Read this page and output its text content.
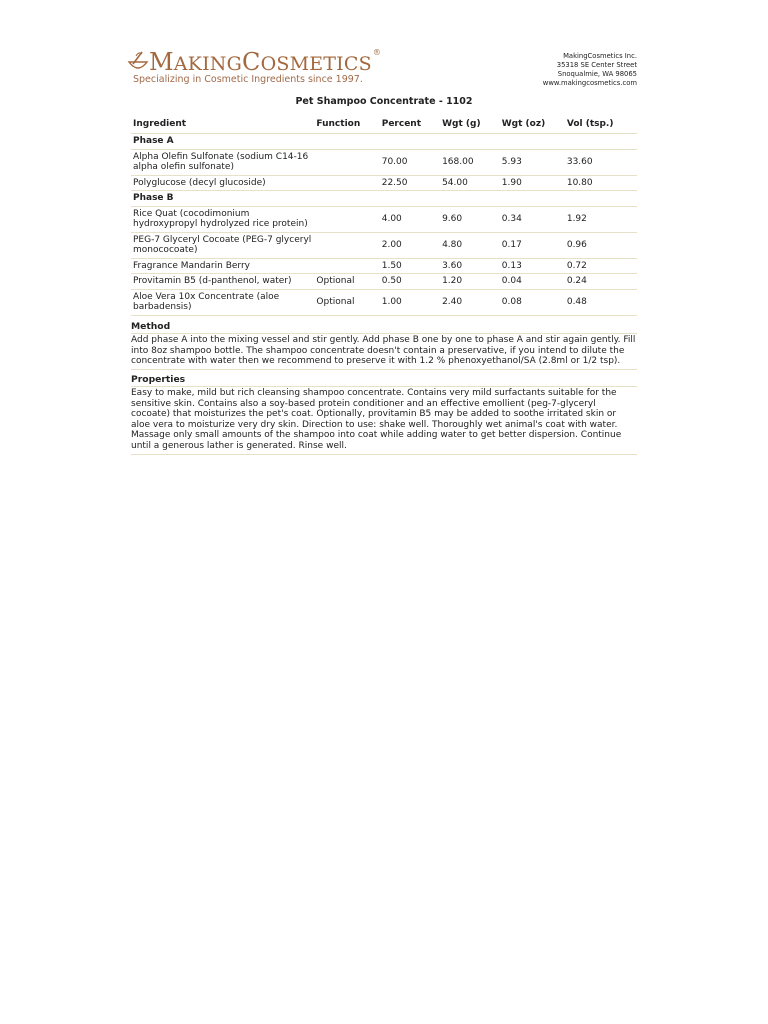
MAKINGCOSMETICS®
Specializing in Cosmetic Ingredients since 1997.
MakingCosmetics Inc.
35318 SE Center Street
Snoqualmie, WA 98065
www.makingcosmetics.com
Pet Shampoo Concentrate - 1102
Ingredient	Function	Percent	Wgt (g)	Wgt (oz)	Vol (tsp.)
Phase A					
Alpha Olefin Sulfonate (sodium C14-16 alpha olefin sulfonate)		70.00	168.00	5.93	33.60
Polyglucose (decyl glucoside)		22.50	54.00	1.90	10.80
Phase B					
Rice Quat (cocodimonium hydroxypropyl hydrolyzed rice protein)		4.00	9.60	0.34	1.92
PEG-7 Glyceryl Cocoate (PEG-7 glyceryl monococoate)		2.00	4.80	0.17	0.96
Fragrance Mandarin Berry		1.50	3.60	0.13	0.72
Provitamin B5 (d-panthenol, water)	Optional	0.50	1.20	0.04	0.24
Aloe Vera 10x Concentrate (aloe barbadensis)	Optional	1.00	2.40	0.08	0.48
Method

Add phase A into the mixing vessel and stir gently. Add phase B one by one to phase A and stir again gently. Fill into 8oz shampoo bottle. The shampoo concentrate doesn't contain a preservative, if you intend to dilute the concentrate with water then we recommend to preserve it with 1.2 % phenoxyethanol/SA (2.8ml or 1/2 tsp).

Properties

Easy to make, mild but rich cleansing shampoo concentrate. Contains very mild surfactants suitable for the sensitive skin. Contains also a soy-based protein conditioner and an effective emollient (peg-7-glyceryl cocoate) that moisturizes the pet's coat. Optionally, provitamin B5 may be added to soothe irritated skin or aloe vera to moisturize very dry skin. Direction to use: shake well. Thoroughly wet animal's coat with water. Massage only small amounts of the shampoo into coat while adding water to get better dispersion. Continue until a generous lather is generated. Rinse well.
